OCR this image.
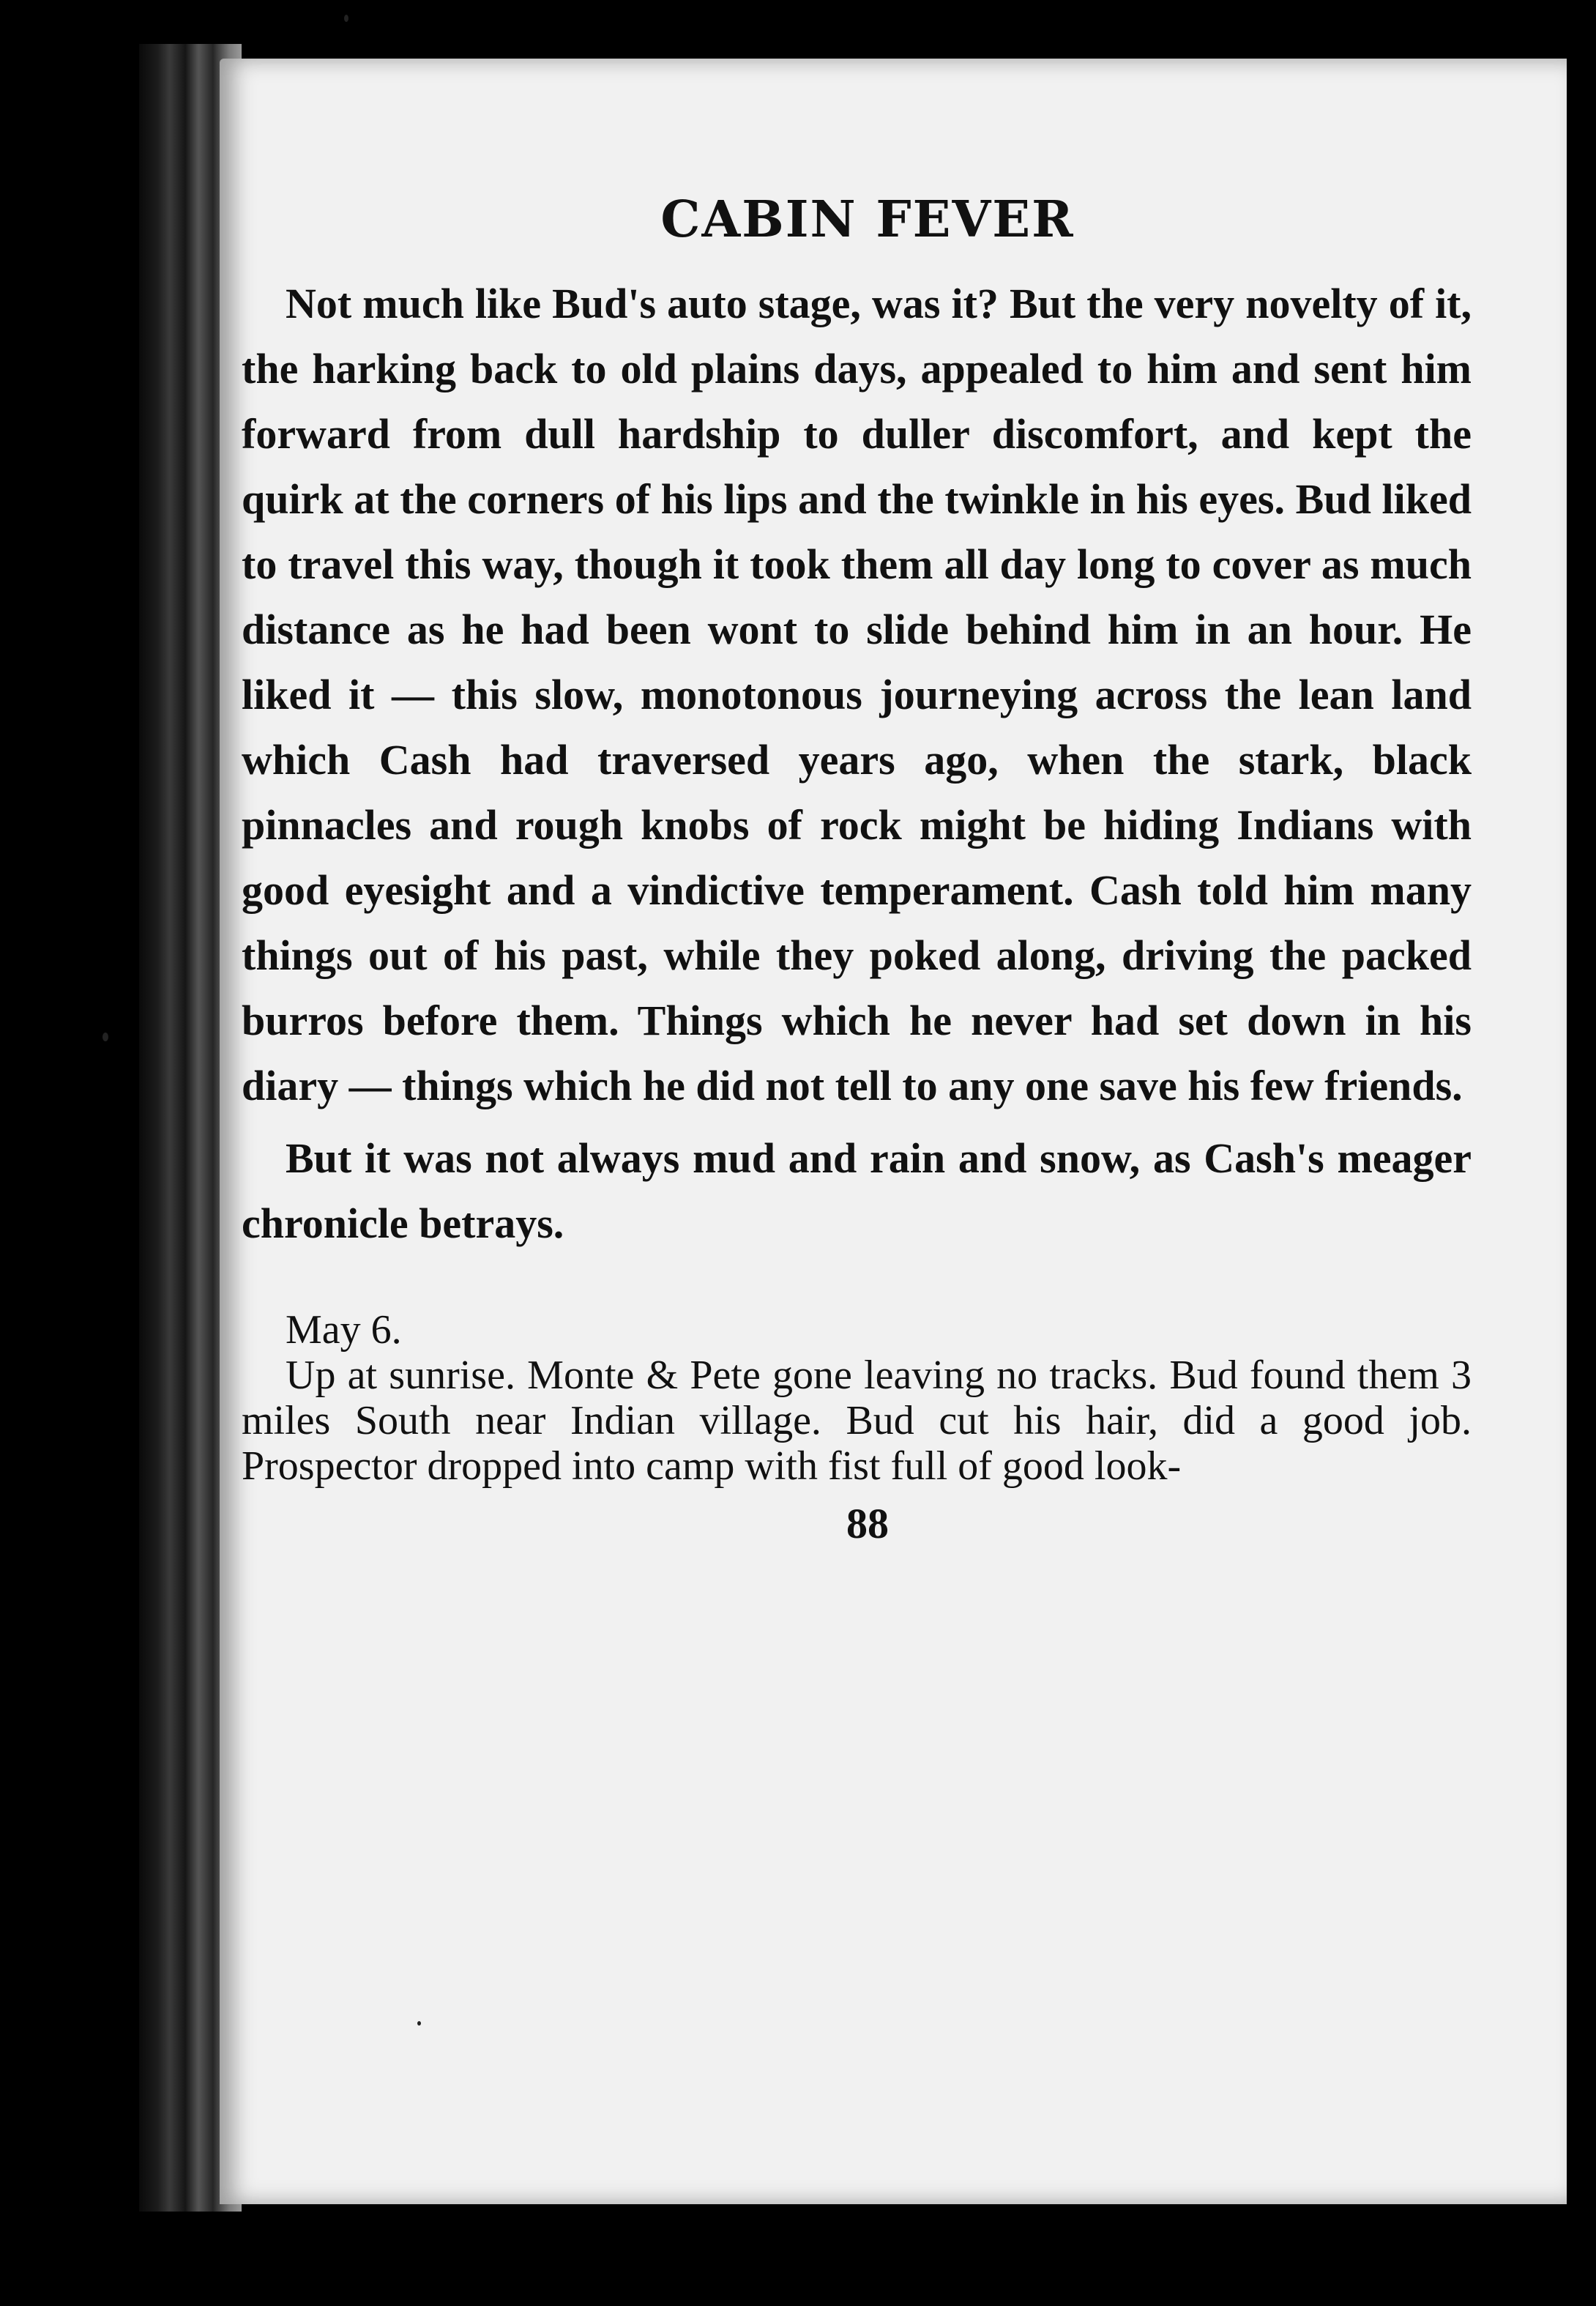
CABIN FEVER

Not much like Bud's auto stage, was it? But the very novelty of it, the harking back to old plains days, appealed to him and sent him forward from dull hardship to duller discomfort, and kept the quirk at the corners of his lips and the twinkle in his eyes. Bud liked to travel this way, though it took them all day long to cover as much distance as he had been wont to slide behind him in an hour. He liked it — this slow, monotonous journeying across the lean land which Cash had traversed years ago, when the stark, black pinnacles and rough knobs of rock might be hiding Indians with good eyesight and a vindictive temperament. Cash told him many things out of his past, while they poked along, driving the packed burros before them. Things which he never had set down in his diary — things which he did not tell to any one save his few friends.

But it was not always mud and rain and snow, as Cash's meager chronicle betrays.

May 6.

Up at sunrise. Monte & Pete gone leaving no tracks. Bud found them 3 miles South near Indian village. Bud cut his hair, did a good job. Prospector dropped into camp with fist full of good look-

88
